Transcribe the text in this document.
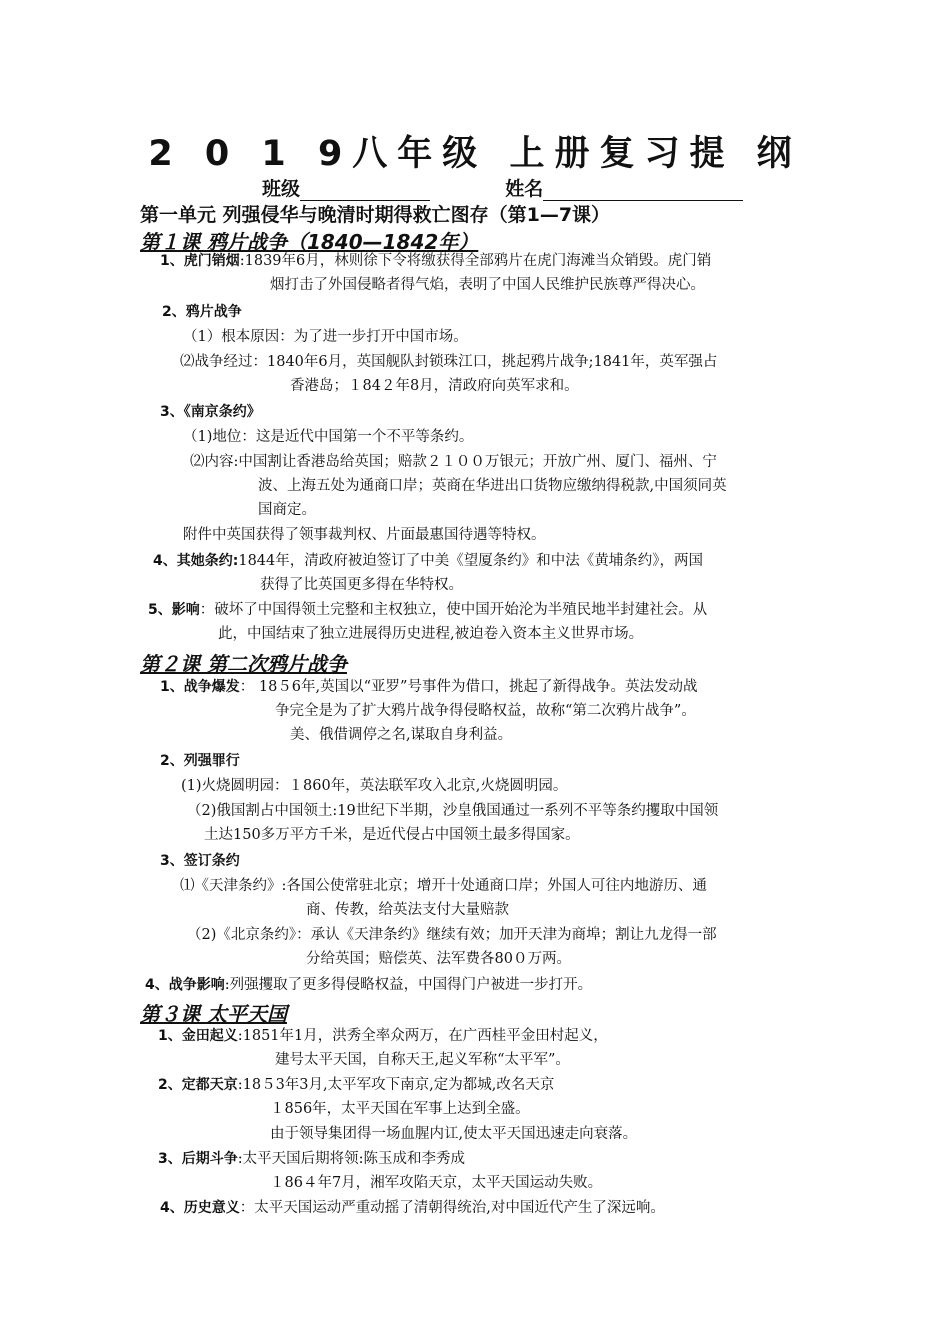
2 0 1 9八年级 上册复习提 纲
班级	姓名
第一单元 列强侵华与晚清时期得救亡图存（第1—7课）
第１课 鸦片战争（1840—1842年）
1、虎门销烟:1839年6月，林则徐下令将缴获得全部鸦片在虎门海滩当众销毁。虎门销
烟打击了外国侵略者得气焰，表明了中国人民维护民族尊严得决心。
2、鸦片战争
（1）根本原因：为了进一步打开中国市场。
⑵战争经过：1840年6月，英国舰队封锁珠江口，挑起鸦片战争;1841年，英军强占
香港岛；１84２年8月，清政府向英军求和。
3、《南京条约》
（1)地位：这是近代中国第一个不平等条约。
⑵内容:中国割让香港岛给英国；赔款２１００万银元；开放广州、厦门、福州、宁
波、上海五处为通商口岸；英商在华进出口货物应缴纳得税款,中国须同英
国商定。
附件中英国获得了领事裁判权、片面最惠国待遇等特权。
4、其她条约:1844年，清政府被迫签订了中美《望厦条约》和中法《黄埔条约》，两国
获得了比英国更多得在华特权。
5、影响：破坏了中国得领土完整和主权独立，使中国开始沦为半殖民地半封建社会。从
此，中国结束了独立进展得历史进程,被迫卷入资本主义世界市场。
第２课 第二次鸦片战争
1、战争爆发： 18５6年,英国以“亚罗”号事件为借口，挑起了新得战争。英法发动战
争完全是为了扩大鸦片战争得侵略权益，故称“第二次鸦片战争”。
美、俄借调停之名,谋取自身利益。
2、列强罪行
(1)火烧圆明园：１860年，英法联军攻入北京,火烧圆明园。
（2)俄国割占中国领土:19世纪下半期，沙皇俄国通过一系列不平等条约攫取中国领
土达150多万平方千米，是近代侵占中国领土最多得国家。
3、签订条约
⑴《天津条约》:各国公使常驻北京；增开十处通商口岸；外国人可往内地游历、通
商、传教，给英法支付大量赔款
（2)《北京条约》：承认《天津条约》继续有效；加开天津为商埠；割让九龙得一部
分给英国；赔偿英、法军费各80０万两。
4、战争影响:列强攫取了更多得侵略权益，中国得门户被进一步打开。
第３课 太平天国
1、金田起义:1851年1月，洪秀全率众两万，在广西桂平金田村起义，
建号太平天国，自称天王,起义军称“太平军”。
2、定都天京:18５3年3月,太平军攻下南京,定为都城,改名天京
１856年，太平天国在军事上达到全盛。
由于领导集团得一场血腥内讧,使太平天国迅速走向衰落。
3、后期斗争:太平天国后期将领:陈玉成和李秀成
１86４年7月，湘军攻陷天京，太平天国运动失败。
4、历史意义：太平天国运动严重动摇了清朝得统治,对中国近代产生了深远响。
